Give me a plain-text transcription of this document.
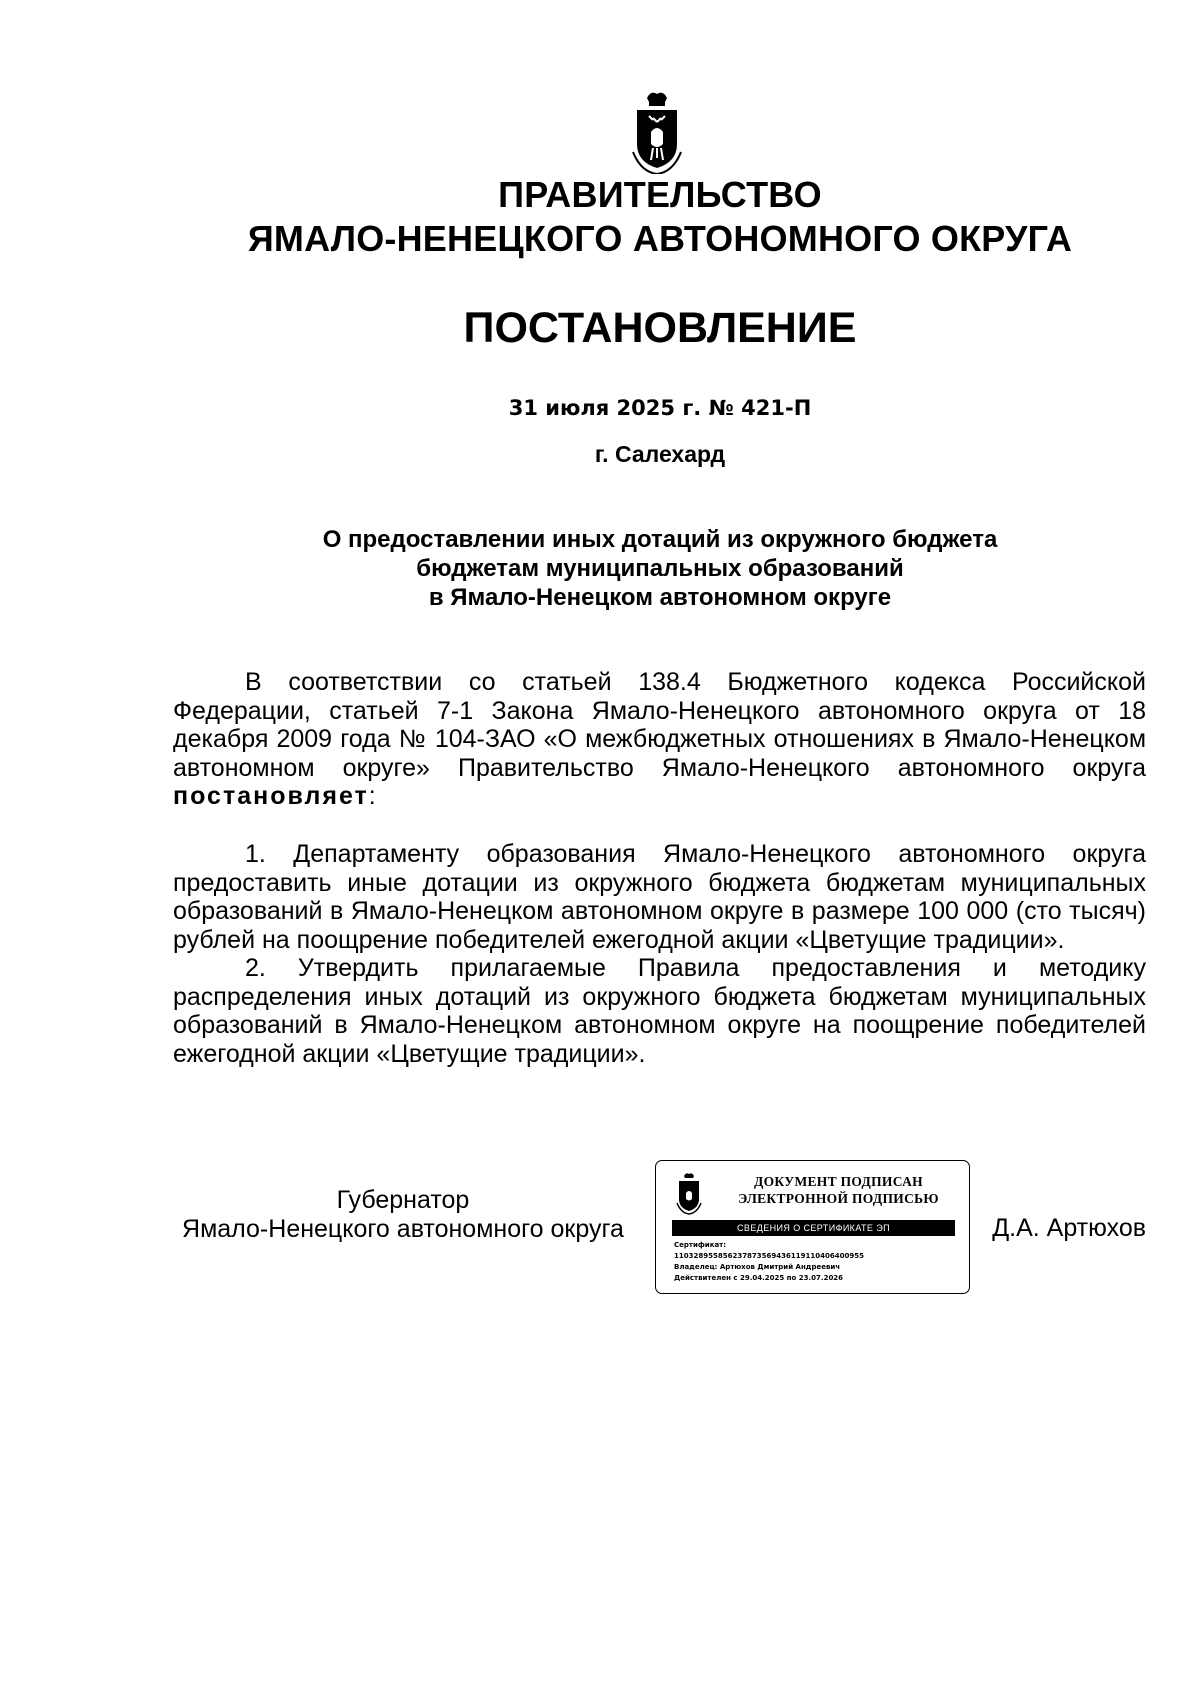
ПРАВИТЕЛЬСТВО
ЯМАЛО-НЕНЕЦКОГО АВТОНОМНОГО ОКРУГА
ПОСТАНОВЛЕНИЕ
31 июля 2025 г. № 421-П
г. Салехард
О предоставлении иных дотаций из окружного бюджета
бюджетам муниципальных образований
в Ямало-Ненецком автономном округе

В соответствии со статьей 138.4 Бюджетного кодекса Российской Федерации, статьей 7-1 Закона Ямало-Ненецкого автономного округа от 18 декабря 2009 года № 104-ЗАО «О межбюджетных отношениях в Ямало-Ненецком автономном округе» Правительство Ямало-Ненецкого автономного округа постановляет:

1. Департаменту образования Ямало-Ненецкого автономного округа предоставить иные дотации из окружного бюджета бюджетам муниципальных образований в Ямало-Ненецком автономном округе в размере 100 000 (сто тысяч) рублей на поощрение победителей ежегодной акции «Цветущие традиции».

2. Утвердить прилагаемые Правила предоставления и методику распределения иных дотаций из окружного бюджета бюджетам муниципальных образований в Ямало-Ненецком автономном округе на поощрение победителей ежегодной акции «Цветущие традиции».

Губернатор
Ямало-Ненецкого автономного округа
ДОКУМЕНТ ПОДПИСАН
ЭЛЕКТРОННОЙ ПОДПИСЬЮ
СВЕДЕНИЯ О СЕРТИФИКАТЕ ЭП
Сертификат:
110328955856237873569436119110406400955
Владелец: Артюхов Дмитрий Андреевич
Действителен с 29.04.2025 по 23.07.2026
Д.А. Артюхов
